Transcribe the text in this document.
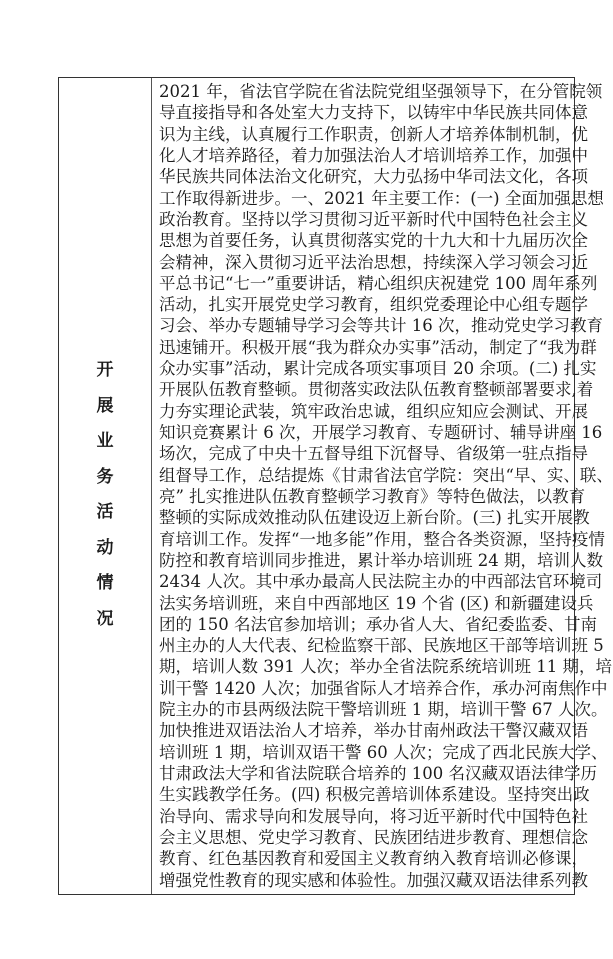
开
展
业
务
活
动
情
况
2021 年，省法官学院在省法院党组坚强领导下，在分管院领
导直接指导和各处室大力支持下，以铸牢中华民族共同体意
识为主线，认真履行工作职责，创新人才培养体制机制，优
化人才培养路径，着力加强法治人才培训培养工作，加强中
华民族共同体法治文化研究，大力弘扬中华司法文化，各项
工作取得新进步。一、2021 年主要工作：(一) 全面加强思想
政治教育。坚持以学习贯彻习近平新时代中国特色社会主义
思想为首要任务，认真贯彻落实党的十九大和十九届历次全
会精神，深入贯彻习近平法治思想，持续深入学习领会习近
平总书记“七一”重要讲话，精心组织庆祝建党 100 周年系列
活动，扎实开展党史学习教育，组织党委理论中心组专题学
习会、举办专题辅导学习会等共计 16 次，推动党史学习教育
迅速铺开。积极开展“我为群众办实事”活动，制定了“我为群
众办实事”活动，累计完成各项实事项目 20 余项。(二) 扎实
开展队伍教育整顿。贯彻落实政法队伍教育整顿部署要求,着
力夯实理论武装，筑牢政治忠诚，组织应知应会测试、开展
知识竞赛累计 6 次，开展学习教育、专题研讨、辅导讲座 16
场次，完成了中央十五督导组下沉督导、省级第一驻点指导
组督导工作，总结提炼《甘肃省法官学院：突出“早、实、联、
亮” 扎实推进队伍教育整顿学习教育》等特色做法，以教育
整顿的实际成效推动队伍建设迈上新台阶。(三) 扎实开展教
育培训工作。发挥“一地多能”作用，整合各类资源，坚持疫情
防控和教育培训同步推进，累计举办培训班 24 期，培训人数
2434 人次。其中承办最高人民法院主办的中西部法官环境司
法实务培训班，来自中西部地区 19 个省 (区) 和新疆建设兵
团的 150 名法官参加培训；承办省人大、省纪委监委、甘南
州主办的人大代表、纪检监察干部、民族地区干部等培训班 5
期，培训人数 391 人次；举办全省法院系统培训班 11 期，培
训干警 1420 人次；加强省际人才培养合作，承办河南焦作中
院主办的市县两级法院干警培训班 1 期，培训干警 67 人次。
加快推进双语法治人才培养，举办甘南州政法干警汉藏双语
培训班 1 期，培训双语干警 60 人次；完成了西北民族大学、
甘肃政法大学和省法院联合培养的 100 名汉藏双语法律学历
生实践教学任务。(四) 积极完善培训体系建设。坚持突出政
治导向、需求导向和发展导向，将习近平新时代中国特色社
会主义思想、党史学习教育、民族团结进步教育、理想信念
教育、红色基因教育和爱国主义教育纳入教育培训必修课，
增强党性教育的现实感和体验性。加强汉藏双语法律系列教
